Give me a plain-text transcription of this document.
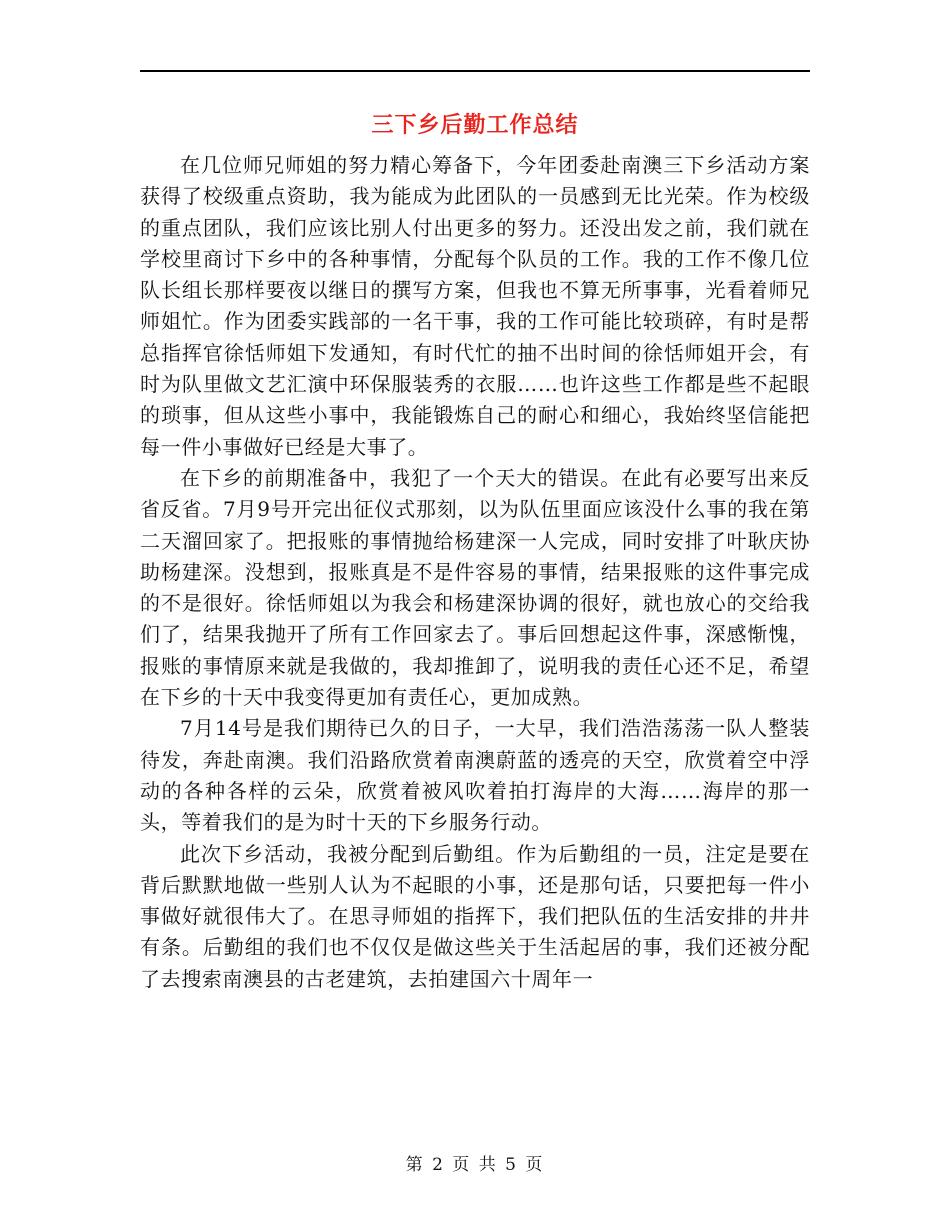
三下乡后勤工作总结

在几位师兄师姐的努力精心筹备下，今年团委赴南澳三下乡活动方案获得了校级重点资助，我为能成为此团队的一员感到无比光荣。作为校级的重点团队，我们应该比别人付出更多的努力。还没出发之前，我们就在学校里商讨下乡中的各种事情，分配每个队员的工作。我的工作不像几位队长组长那样要夜以继日的撰写方案，但我也不算无所事事，光看着师兄师姐忙。作为团委实践部的一名干事，我的工作可能比较琐碎，有时是帮总指挥官徐恬师姐下发通知，有时代忙的抽不出时间的徐恬师姐开会，有时为队里做文艺汇演中环保服装秀的衣服……也许这些工作都是些不起眼的琐事，但从这些小事中，我能锻炼自己的耐心和细心，我始终坚信能把每一件小事做好已经是大事了。

在下乡的前期准备中，我犯了一个天大的错误。在此有必要写出来反省反省。7月9号开完出征仪式那刻，以为队伍里面应该没什么事的我在第二天溜回家了。把报账的事情抛给杨建深一人完成，同时安排了叶耿庆协助杨建深。没想到，报账真是不是件容易的事情，结果报账的这件事完成的不是很好。徐恬师姐以为我会和杨建深协调的很好，就也放心的交给我们了，结果我抛开了所有工作回家去了。事后回想起这件事，深感惭愧，报账的事情原来就是我做的，我却推卸了，说明我的责任心还不足，希望在下乡的十天中我变得更加有责任心，更加成熟。

7月14号是我们期待已久的日子，一大早，我们浩浩荡荡一队人整装待发，奔赴南澳。我们沿路欣赏着南澳蔚蓝的透亮的天空，欣赏着空中浮动的各种各样的云朵，欣赏着被风吹着拍打海岸的大海……海岸的那一头，等着我们的是为时十天的下乡服务行动。

此次下乡活动，我被分配到后勤组。作为后勤组的一员，注定是要在背后默默地做一些别人认为不起眼的小事，还是那句话，只要把每一件小事做好就很伟大了。在思寻师姐的指挥下，我们把队伍的生活安排的井井有条。后勤组的我们也不仅仅是做这些关于生活起居的事，我们还被分配了去搜索南澳县的古老建筑，去拍建国六十周年一

第 2 页 共 5 页
